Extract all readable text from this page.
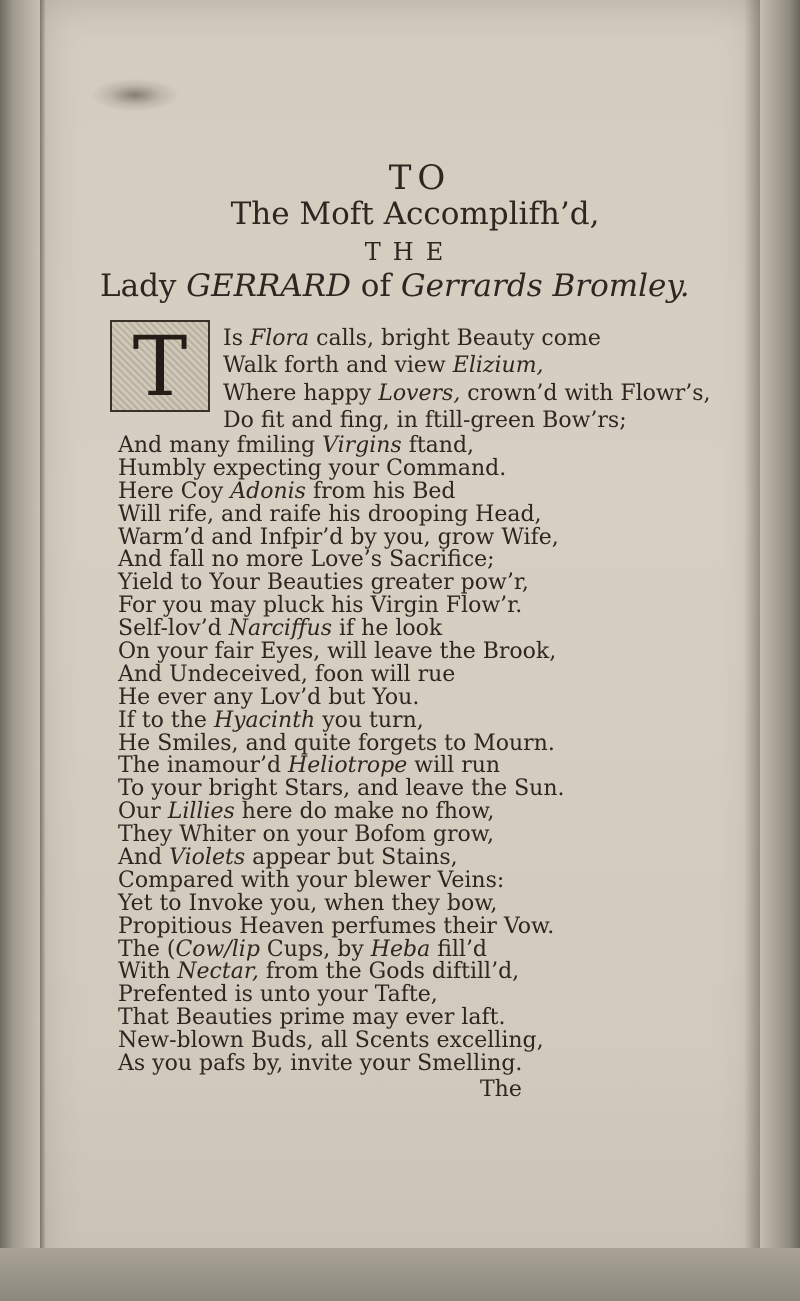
TO
The Moft Accomplifh’d,
THE
Lady GERRARD of Gerrards Bromley.
T	Is Flora calls, bright Beauty come
Walk forth and view Elizium,
Where happy Lovers, crown’d with Flowr’s,
Do fit and fing, in ftill-green Bow’rs;
And many fmiling Virgins ftand,
Humbly expecting your Command.
Here Coy Adonis from his Bed
Will rife, and raife his drooping Head,
Warm’d and Infpir’d by you, grow Wife,
And fall no more Love’s Sacrifice;
Yield to Your Beauties greater pow’r,
For you may pluck his Virgin Flow’r.
Self-lov’d Narciffus if he look
On your fair Eyes, will leave the Brook,
And Undeceived, foon will rue
He ever any Lov’d but You.
If to the Hyacinth you turn,
He Smiles, and quite forgets to Mourn.
The inamour’d Heliotrope will run
To your bright Stars, and leave the Sun.
Our Lillies here do make no fhow,
They Whiter on your Bofom grow,
And Violets appear but Stains,
Compared with your blewer Veins:
Yet to Invoke you, when they bow,
Propitious Heaven perfumes their Vow.
The (Cow/lip Cups, by Heba fill’d
With Nectar, from the Gods diftill’d,
Prefented is unto your Tafte,
That Beauties prime may ever laft.
New-blown Buds, all Scents excelling,
As you pafs by, invite your Smelling.
The
